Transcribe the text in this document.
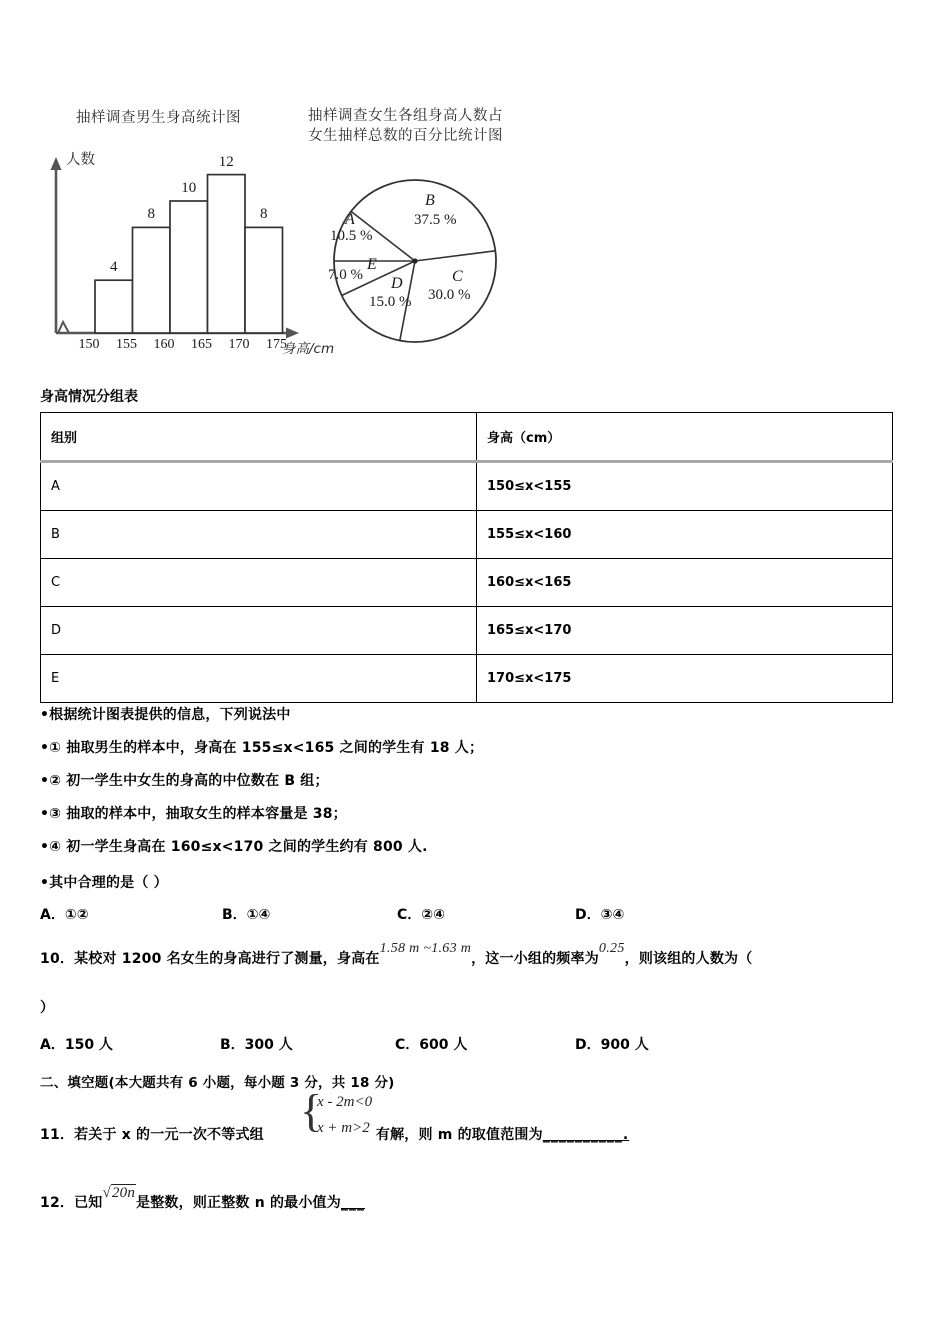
抽样调查男生身高统计图	抽样调查女生各组身高人数占
女生抽样总数的百分比统计图
人数
身高/cm
4
8
10
12
8
150	155	160	165	170	175
A
10.5 %
B
37.5 %
C
30.0 %
D
15.0 %
E
7.0 %
身高情况分组表
组别	身高（cm）
A	150≤x<155
B	155≤x<160
C	160≤x<165
D	165≤x<170
E	170≤x<175
•根据统计图表提供的信息，下列说法中
•① 抽取男生的样本中，身高在 155≤x<165 之间的学生有 18 人；
•② 初一学生中女生的身高的中位数在 B 组；
•③ 抽取的样本中，抽取女生的样本容量是 38；
•④ 初一学生身高在 160≤x<170 之间的学生约有 800 人.
•其中合理的是（ ）
A．①②	B．①④	C．②④	D．③④
10．某校对 1200 名女生的身高进行了测量，身高在1.58 m ~1.63 m，这一小组的频率为0.25，则该组的人数为（
）
A．150 人	B．300 人	C．600 人	D．900 人
二、填空题(本大题共有 6 小题，每小题 3 分，共 18 分)
11．若关于 x 的一元一次不等式组	有解，则 m 的取值范围为__________.
{
x - 2m<0
x + m>2
12．已知√20n是整数，则正整数 n 的最小值为___
